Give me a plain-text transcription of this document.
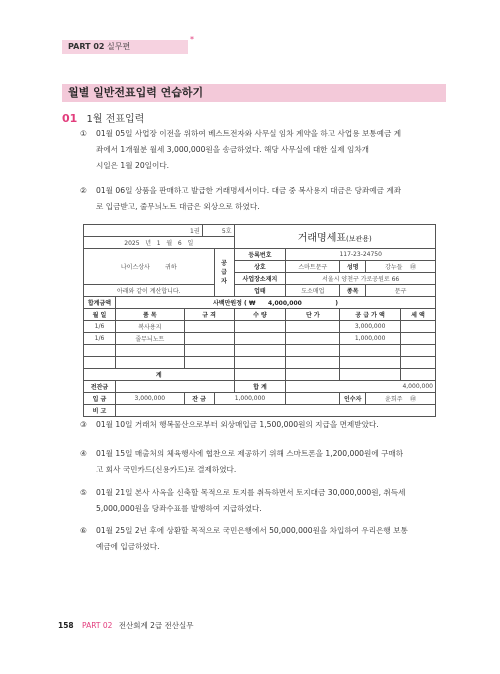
PART 02 실무편
*
월별 일반전표입력 연습하기
01 1월 전표입력
①	01월 05일 사업장 이전을 위하여 베스트전자와 사무실 임차 계약을 하고 사업용 보통예금 계
좌에서 1개월분 월세 3,000,000원을 송금하였다. 해당 사무실에 대한 실제 임차개
시일은 1월 20일이다.
②	01월 06일 상품을 판매하고 발급한 거래명세서이다. 대금 중 복사용지 대금은 당좌예금 계좌
로 입금받고, 줄무늬노트 대금은 외상으로 하였다.
1권			5호		거래명세표(보관용)				
2025 년 1 월 6 일									
나이스상사 귀하				공
급
자	등록번호	117-23-24750			
					상호	스마트문구	성명	강누들 ㊞	
					사업장소재지	서울시 양천구 가로공원로 66			
아래와 같이 계산합니다.					업태	도소매업	종목	문구	
합계금액	사백만원정 ( ₩      4,000,000                )								
월 일	품 목	규 격			수 량	단 가	공 급 가 액		세 액
1/6	복사용지						3,000,000		
1/6	줄무늬노트						1,000,000		

계									
전잔금					합 계	4,000,000			
입 금	3,000,000	잔 금		1,000,000			인수자	윤희주 ㊞	
비 고									
③	01월 10일 거래처 행복물산으로부터 외상매입금 1,500,000원의 지급을 면제받았다.
④	01월 15일 매출처의 체육행사에 협찬으로 제공하기 위해 스마트폰을 1,200,000원에 구매하
고 회사 국민카드(신용카드)로 결제하였다.
⑤	01월 21일 본사 사옥을 신축할 목적으로 토지를 취득하면서 토지대금 30,000,000원, 취득세
5,000,000원을 당좌수표를 발행하여 지급하였다.
⑥	01월 25일 2년 후에 상환할 목적으로 국민은행에서 50,000,000원을 차입하여 우리은행 보통
예금에 입금하였다.
158 PART 02 전산회계 2급 전산실무
